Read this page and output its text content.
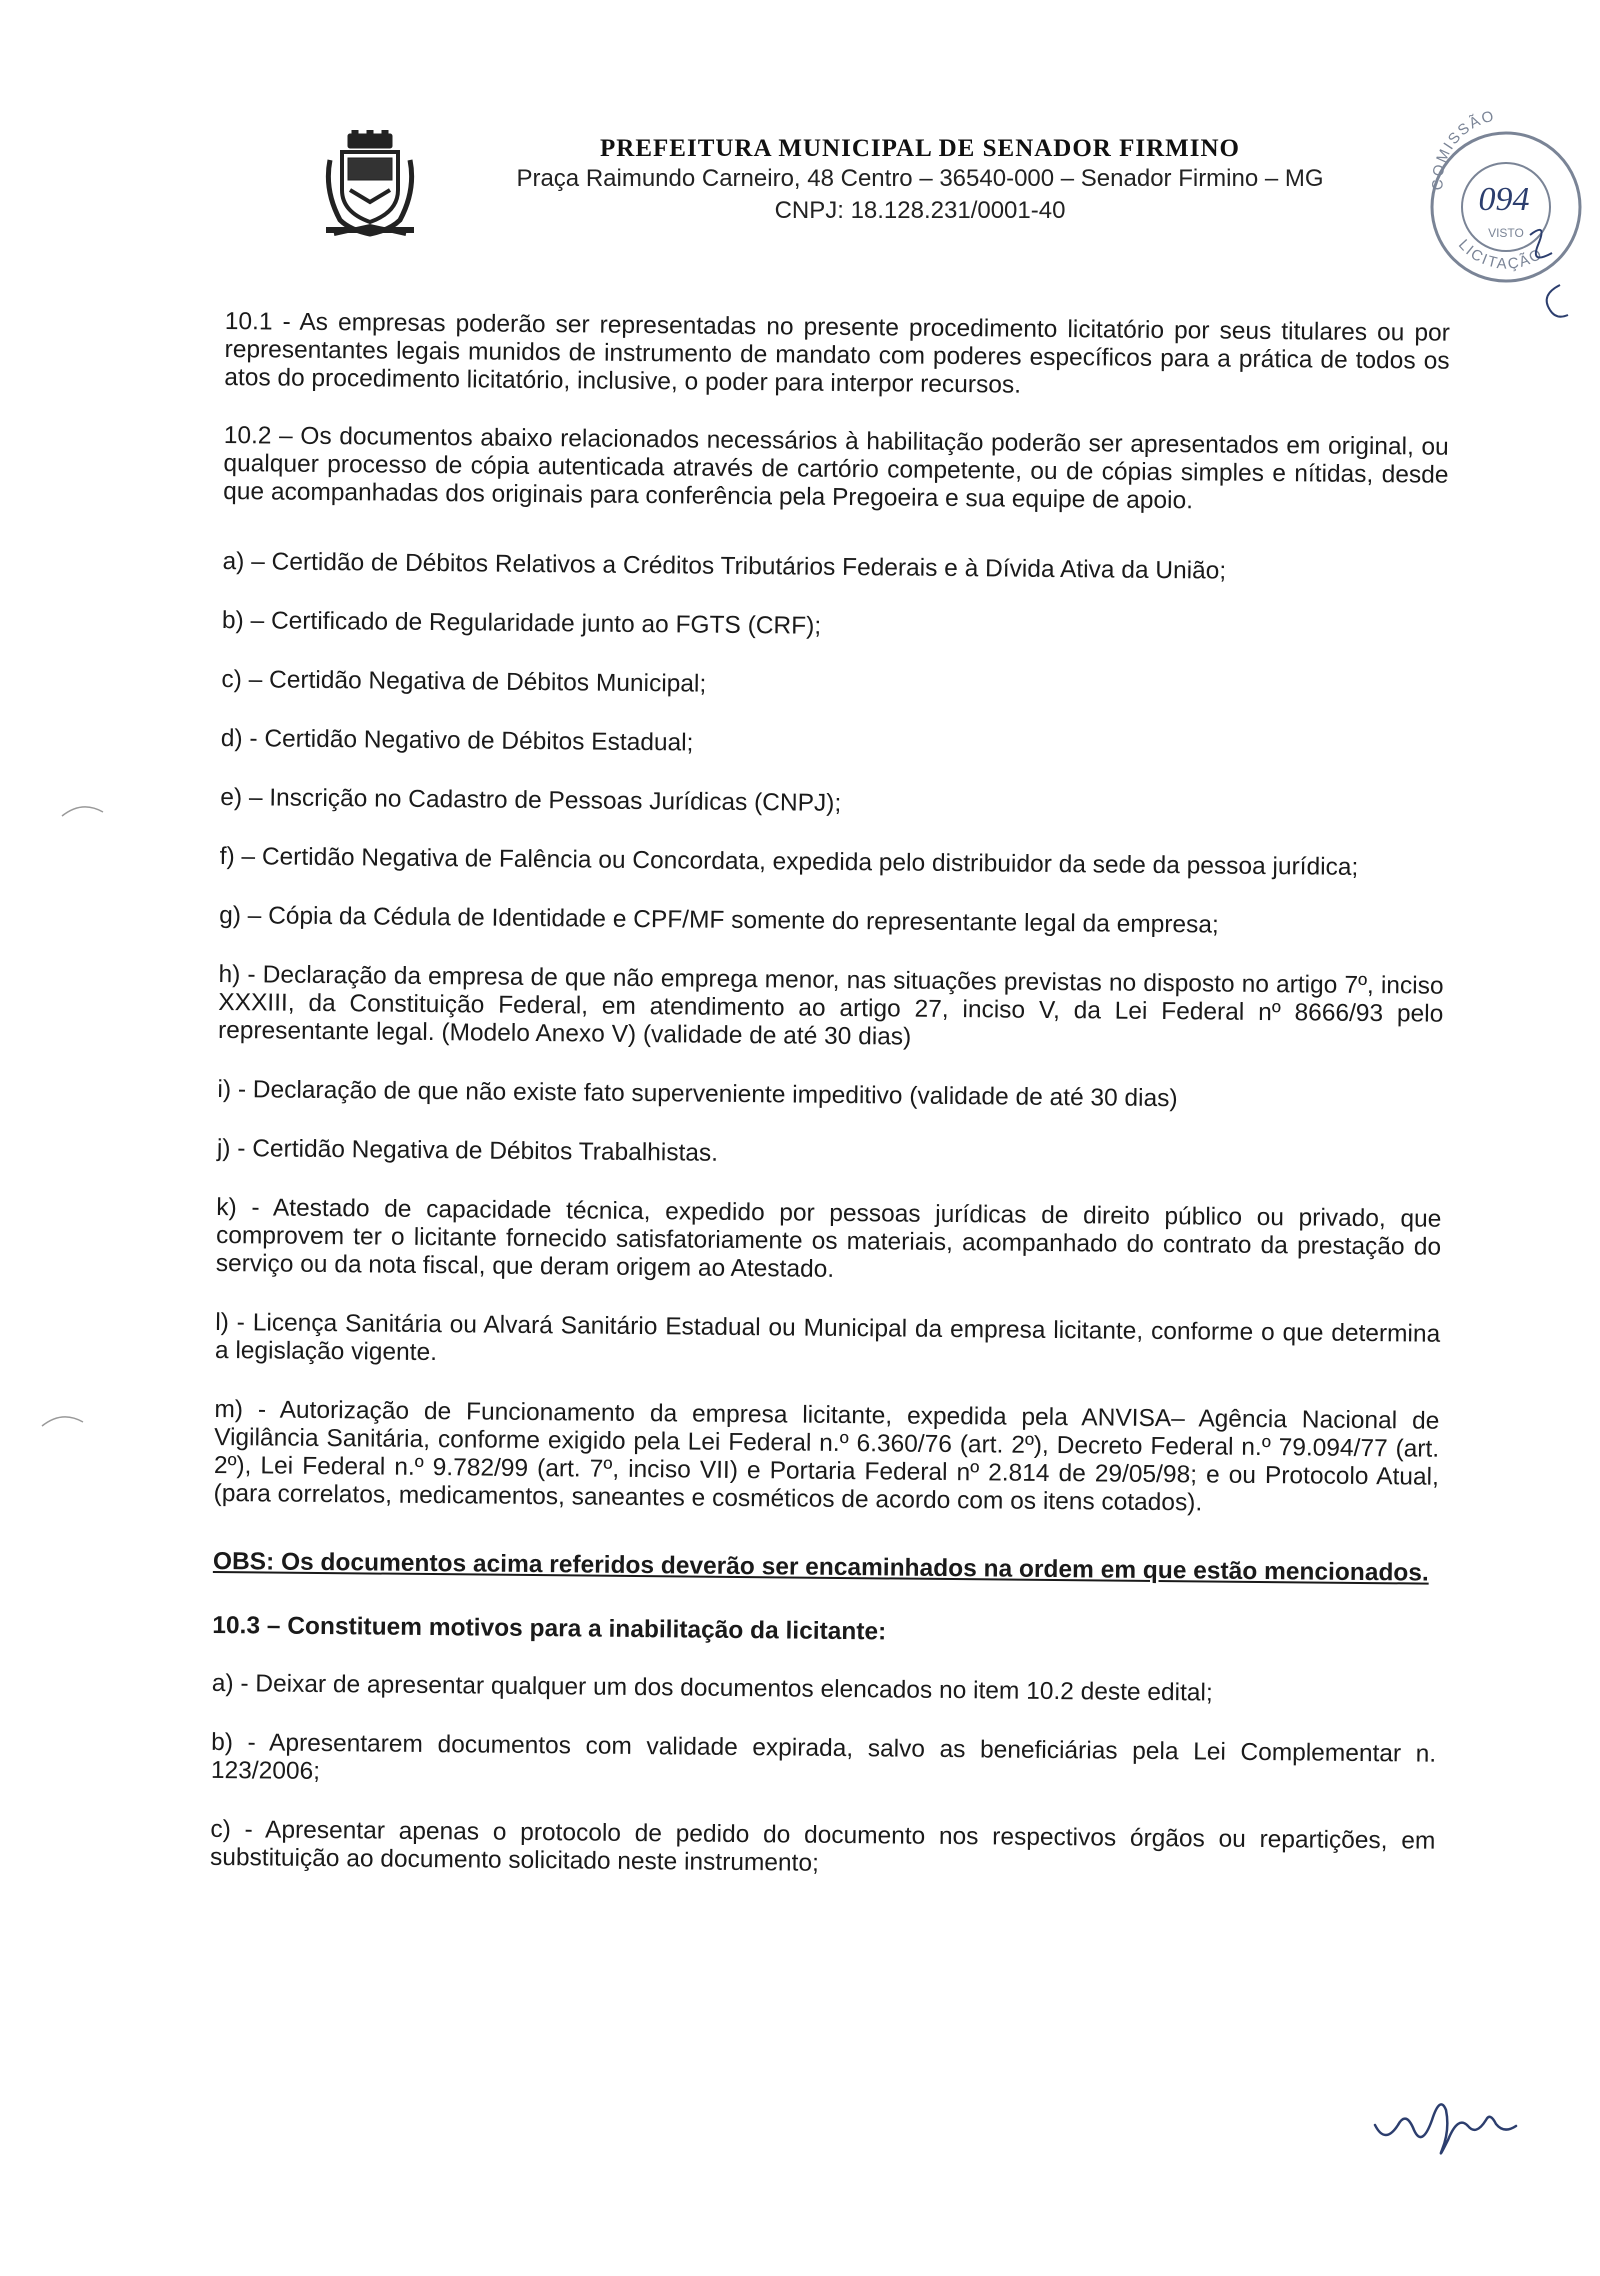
PREFEITURA MUNICIPAL DE SENADOR FIRMINO
Praça Raimundo Carneiro, 48 Centro – 36540-000 – Senador Firmino – MG
CNPJ: 18.128.231/0001-40
COMISSÃO
LICITAÇÃO
094
VISTO

10.1 - As empresas poderão ser representadas no presente procedimento licitatório por seus titulares ou por representantes legais munidos de instrumento de mandato com poderes específicos para a prática de todos os atos do procedimento licitatório, inclusive, o poder para interpor recursos.

10.2 – Os documentos abaixo relacionados necessários à habilitação poderão ser apresentados em original, ou qualquer processo de cópia autenticada através de cartório competente, ou de cópias simples e nítidas, desde que acompanhadas dos originais para conferência pela Pregoeira e sua equipe de apoio.

a) – Certidão de Débitos Relativos a Créditos Tributários Federais e à Dívida Ativa da União;

b) – Certificado de Regularidade junto ao FGTS (CRF);

c) – Certidão Negativa de Débitos Municipal;

d) - Certidão Negativo de Débitos Estadual;

e) – Inscrição no Cadastro de Pessoas Jurídicas (CNPJ);

f) – Certidão Negativa de Falência ou Concordata, expedida pelo distribuidor da sede da pessoa jurídica;

g) – Cópia da Cédula de Identidade e CPF/MF somente do representante legal da empresa;

h) - Declaração da empresa de que não emprega menor, nas situações previstas no disposto no artigo 7º, inciso XXXIII, da Constituição Federal, em atendimento ao artigo 27, inciso V, da Lei Federal nº 8666/93 pelo representante legal. (Modelo Anexo V) (validade de até 30 dias)

i) - Declaração de que não existe fato superveniente impeditivo (validade de até 30 dias)

j) - Certidão Negativa de Débitos Trabalhistas.

k) - Atestado de capacidade técnica, expedido por pessoas jurídicas de direito público ou privado, que comprovem ter o licitante fornecido satisfatoriamente os materiais, acompanhado do contrato da prestação do serviço ou da nota fiscal, que deram origem ao Atestado.

l) - Licença Sanitária ou Alvará Sanitário Estadual ou Municipal da empresa licitante, conforme o que determina a legislação vigente.

m) - Autorização de Funcionamento da empresa licitante, expedida pela ANVISA– Agência Nacional de Vigilância Sanitária, conforme exigido pela Lei Federal n.º 6.360/76 (art. 2º), Decreto Federal n.º 79.094/77 (art. 2º), Lei Federal n.º 9.782/99 (art. 7º, inciso VII) e Portaria Federal nº 2.814 de 29/05/98; e ou Protocolo Atual, (para correlatos, medicamentos, saneantes e cosméticos de acordo com os itens cotados).

OBS: Os documentos acima referidos deverão ser encaminhados na ordem em que estão mencionados.

10.3 – Constituem motivos para a inabilitação da licitante:

a) - Deixar de apresentar qualquer um dos documentos elencados no item 10.2 deste edital;

b) - Apresentarem documentos com validade expirada, salvo as beneficiárias pela Lei Complementar n. 123/2006;

c) - Apresentar apenas o protocolo de pedido do documento nos respectivos órgãos ou repartições, em substituição ao documento solicitado neste instrumento;
